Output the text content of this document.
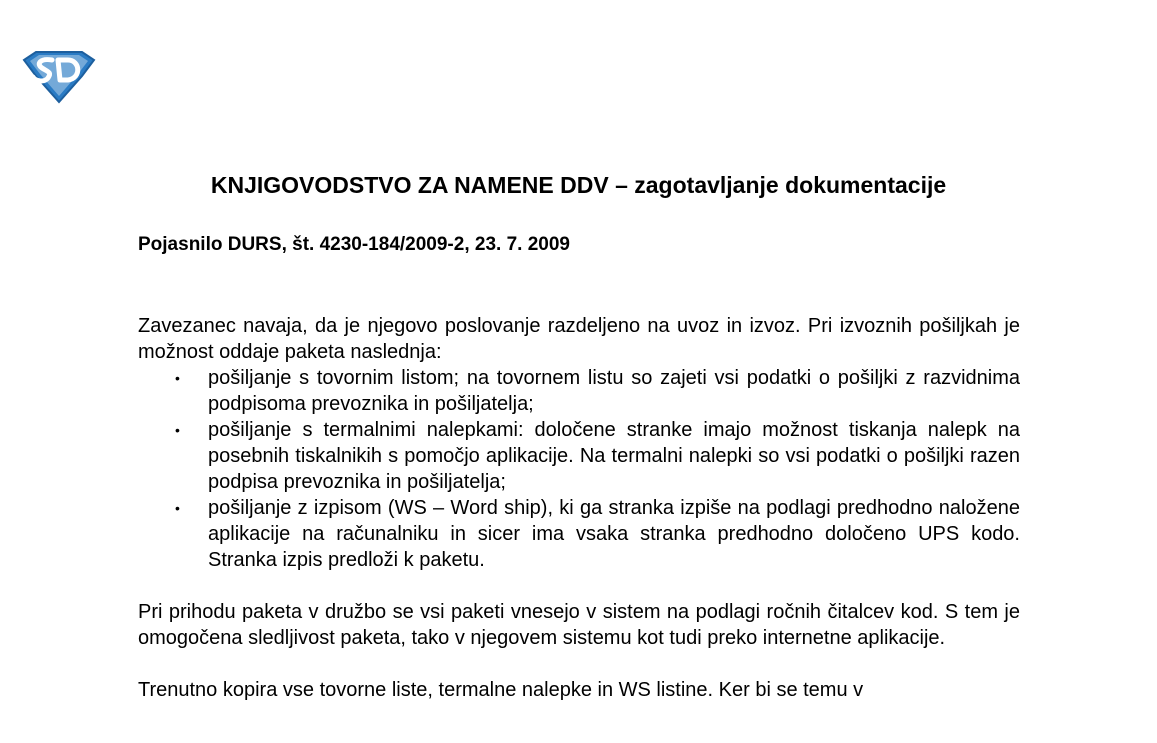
KNJIGOVODSTVO ZA NAMENE DDV – zagotavljanje dokumentacije
Pojasnilo DURS, št. 4230-184/2009-2, 23. 7. 2009

Zavezanec navaja, da je njegovo poslovanje razdeljeno na uvoz in izvoz. Pri izvoznih pošiljkah je možnost oddaje paketa naslednja:

• pošiljanje s tovornim listom; na tovornem listu so zajeti vsi podatki o pošiljki z razvidnima podpisoma prevoznika in pošiljatelja;
• pošiljanje s termalnimi nalepkami: določene stranke imajo možnost tiskanja nalepk na posebnih tiskalnikih s pomočjo aplikacije. Na termalni nalepki so vsi podatki o pošiljki razen podpisa prevoznika in pošiljatelja;
• pošiljanje z izpisom (WS – Word ship), ki ga stranka izpiše na podlagi predhodno naložene aplikacije na računalniku in sicer ima vsaka stranka predhodno določeno UPS kodo. Stranka izpis predloži k paketu.

Pri prihodu paketa v družbo se vsi paketi vnesejo v sistem na podlagi ročnih čitalcev kod. S tem je omogočena sledljivost paketa, tako v njegovem sistemu kot tudi preko internetne aplikacije.

Trenutno kopira vse tovorne liste, termalne nalepke in WS listine. Ker bi se temu v
